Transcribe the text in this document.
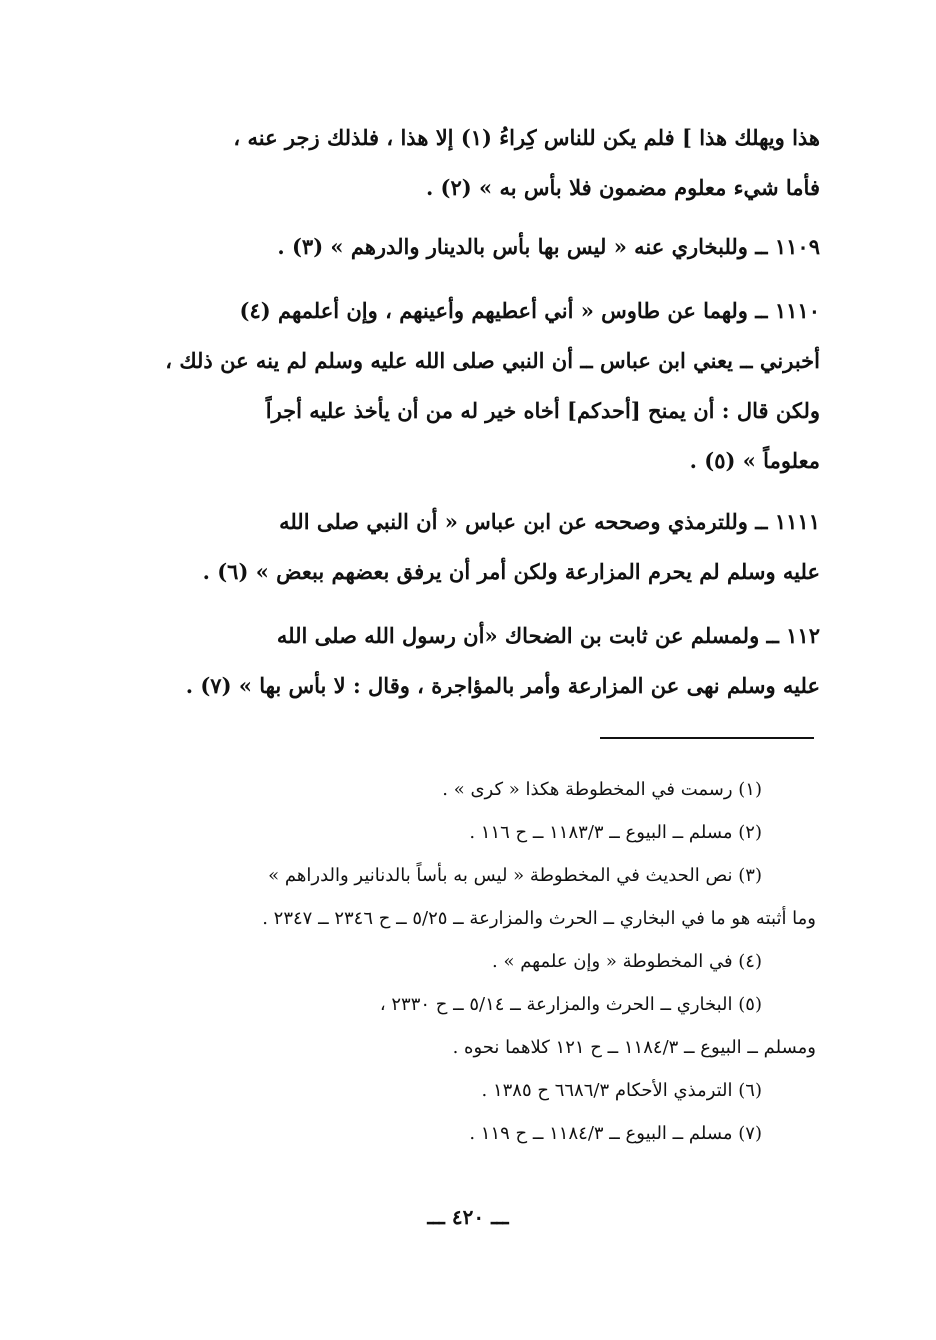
هذا ويهلك هذا ] فلم يكن للناس كِراءُ (١) إلا هذا ، فلذلك زجر عنه ،
فأما شيء معلوم مضمون فلا بأس به » (٢) .
١١٠٩ ــ وللبخاري عنه « ليس بها بأس بالدينار والدرهم » (٣) .
١١١٠ ــ ولهما عن طاوس « أني أعطيهم وأعينهم ، وإن أعلمهم (٤)
أخبرني ــ يعني ابن عباس ــ أن النبي صلى الله عليه وسلم لم ينه عن ذلك ،
ولكن قال : أن يمنح [أحدكم] أخاه خير له من أن يأخذ عليه أجراً
معلوماً » (٥) .
١١١١ ــ وللترمذي وصححه عن ابن عباس « أن النبي صلى الله
عليه وسلم لم يحرم المزارعة ولكن أمر أن يرفق بعضهم ببعض » (٦) .
١١٢ ــ ولمسلم عن ثابت بن الضحاك «أن رسول الله صلى الله
عليه وسلم نهى عن المزارعة وأمر بالمؤاجرة ، وقال : لا بأس بها » (٧) .
(١) رسمت في المخطوطة هكذا « كرى » .
(٢) مسلم ــ البيوع ــ ١١٨٣/٣ ــ ح ١١٦ .
(٣) نص الحديث في المخطوطة « ليس به بأساً بالدنانير والدراهم »
وما أثبته هو ما في البخاري ــ الحرث والمزارعة ــ ٥/٢٥ ــ ح ٢٣٤٦ ــ ٢٣٤٧ .
(٤) في المخطوطة « وإن علمهم » .
(٥) البخاري ــ الحرث والمزارعة ــ ٥/١٤ ــ ح ٢٣٣٠ ،
ومسلم ــ البيوع ــ ١١٨٤/٣ ــ ح ١٢١ كلاهما نحوه .
(٦) الترمذي الأحكام ٦٦٨٦/٣ ح ١٣٨٥ .
(٧) مسلم ــ البيوع ــ ١١٨٤/٣ ــ ح ١١٩ .
ـــ ٤٢٠ ـــ
